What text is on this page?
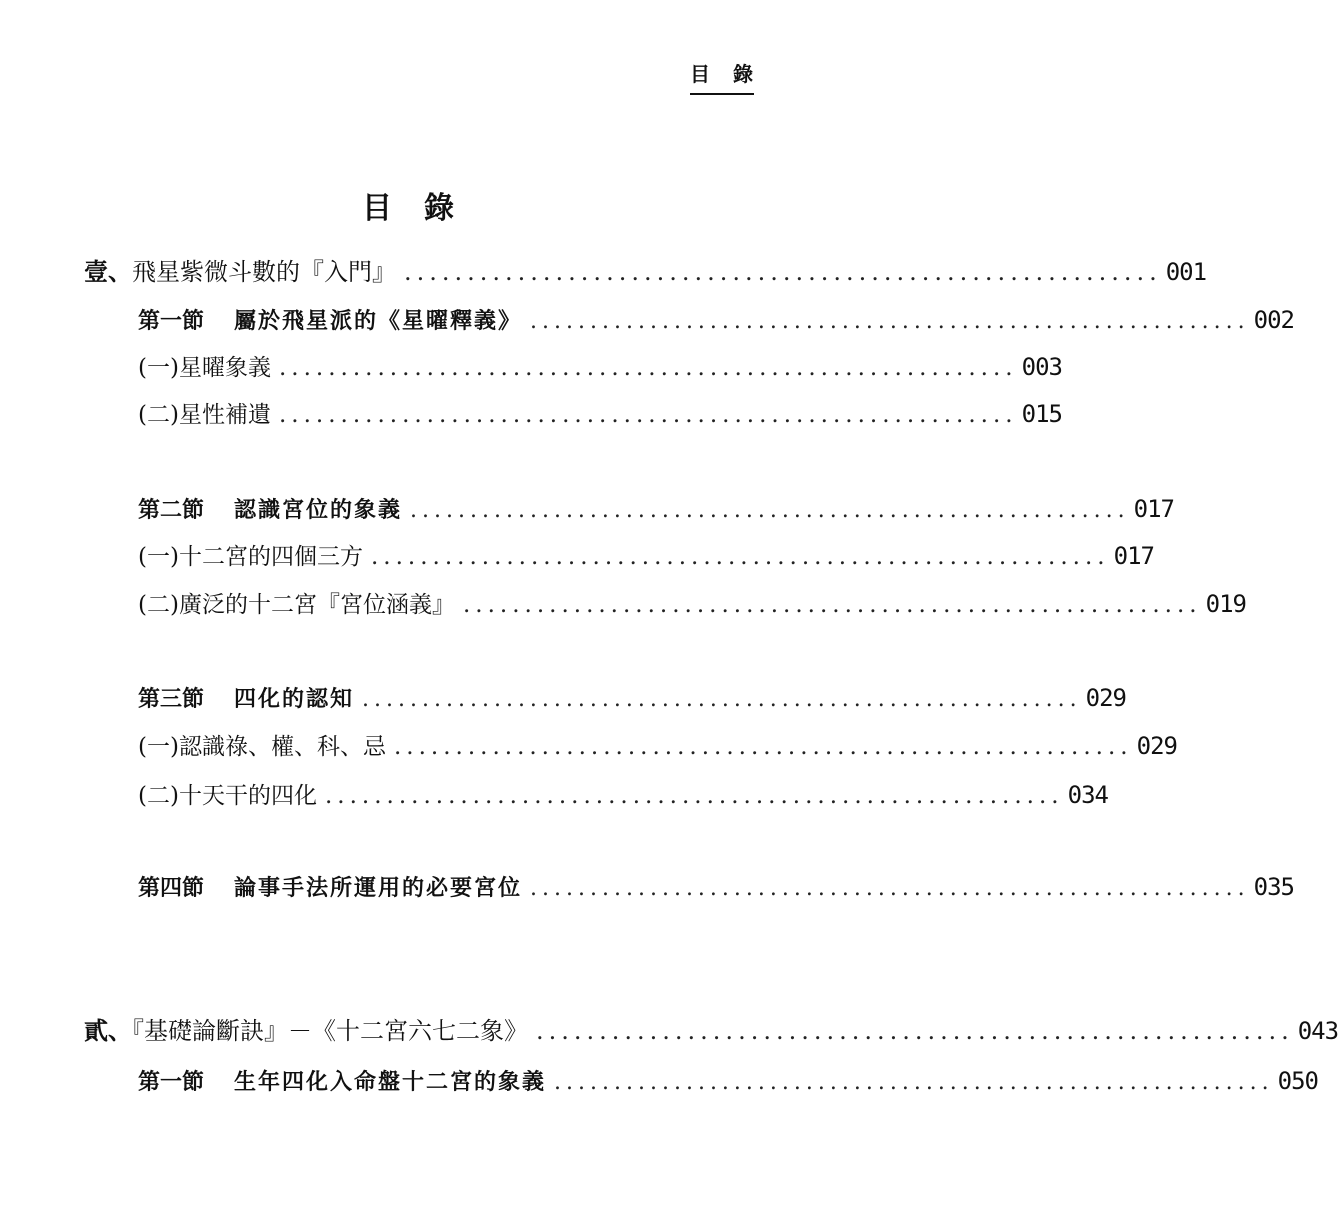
目 錄
目錄
壹、飛星紫微斗數的『入門』 ............................................................ 001
第一節 屬於飛星派的《星曜釋義》 ............................................................ 002
(一)星曜象義 ............................................................ 003
(二)星性補遺 ............................................................ 015
第二節 認識宮位的象義 ............................................................ 017
(一)十二宮的四個三方 ............................................................ 017
(二)廣泛的十二宮『宮位涵義』 ............................................................ 019
第三節 四化的認知 ............................................................ 029
(一)認識祿、權、科、忌 ............................................................ 029
(二)十天干的四化 ............................................................ 034
第四節 論事手法所運用的必要宮位 ............................................................ 035
貳、『基礎論斷訣』－《十二宮六七二象》 ............................................................ 043
第一節 生年四化入命盤十二宮的象義 ............................................................ 050
